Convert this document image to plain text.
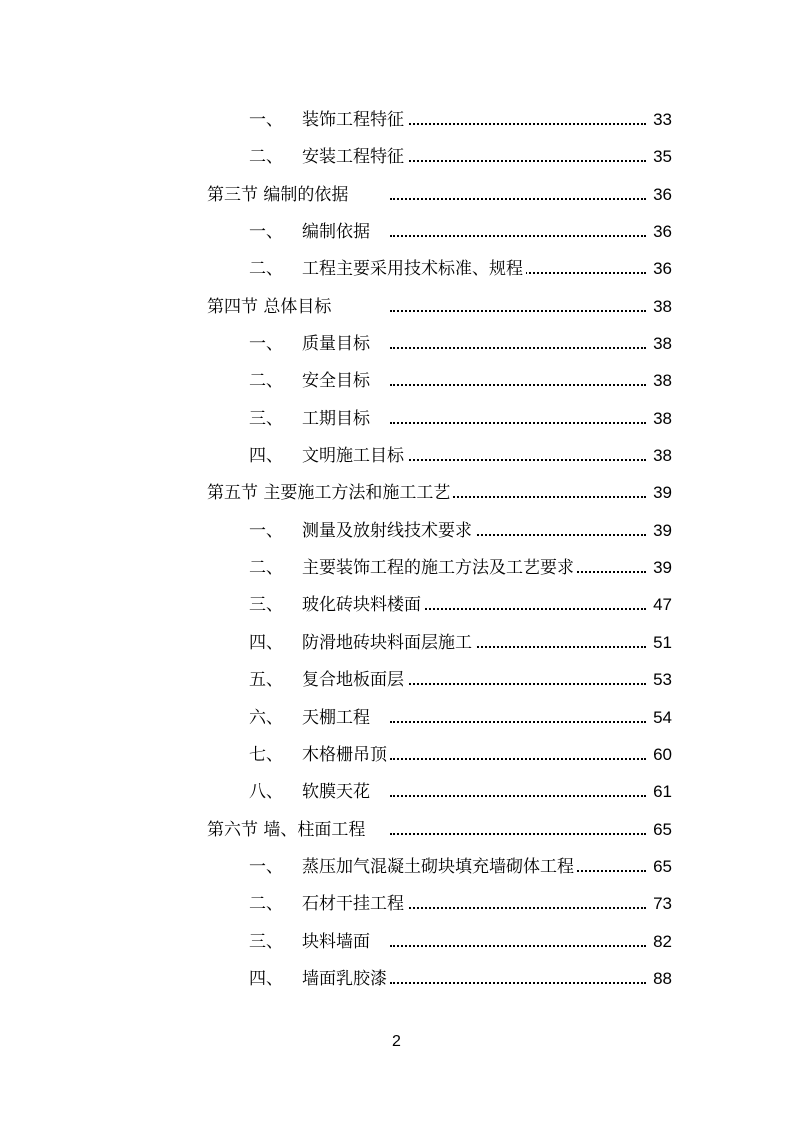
一、 装饰工程特征	33
二、 安装工程特征	35
第三节 编制的依据	36
一、 编制依据	36
二、 工程主要采用技术标准、规程	36
第四节 总体目标	38
一、 质量目标	38
二、 安全目标	38
三、 工期目标	38
四、 文明施工目标	38
第五节 主要施工方法和施工工艺	39
一、 测量及放射线技术要求	39
二、 主要装饰工程的施工方法及工艺要求	39
三、 玻化砖块料楼面	47
四、 防滑地砖块料面层施工	51
五、 复合地板面层	53
六、 天棚工程	54
七、 木格栅吊顶	60
八、 软膜天花	61
第六节 墙、柱面工程	65
一、 蒸压加气混凝土砌块填充墙砌体工程	65
二、 石材干挂工程	73
三、 块料墙面	82
四、 墙面乳胶漆	88
2
